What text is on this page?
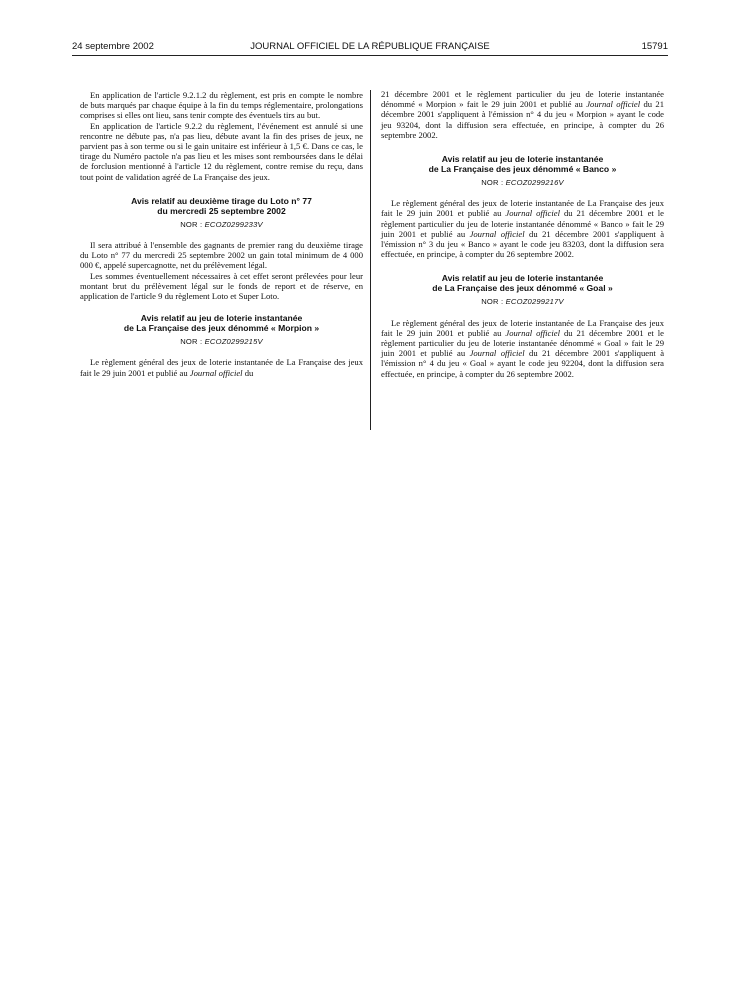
24 septembre 2002	JOURNAL OFFICIEL DE LA RÉPUBLIQUE FRANÇAISE	15791

En application de l'article 9.2.1.2 du règlement, est pris en compte le nombre de buts marqués par chaque équipe à la fin du temps réglementaire, prolongations comprises si elles ont lieu, sans tenir compte des éventuels tirs au but.

En application de l'article 9.2.2 du règlement, l'événement est annulé si une rencontre ne débute pas, n'a pas lieu, débute avant la fin des prises de jeux, ne parvient pas à son terme ou si le gain unitaire est inférieur à 1,5 €. Dans ce cas, le tirage du Numéro pactole n'a pas lieu et les mises sont remboursées dans le délai de forclusion mentionné à l'article 12 du règlement, contre remise du reçu, dans tout point de validation agréé de La Française des jeux.

Avis relatif au deuxième tirage du Loto n° 77
du mercredi 25 septembre 2002
NOR : ECOZ0299233V

Il sera attribué à l'ensemble des gagnants de premier rang du deuxième tirage du Loto n° 77 du mercredi 25 septembre 2002 un gain total minimum de 4 000 000 €, appelé supercagnotte, net du prélèvement légal.

Les sommes éventuellement nécessaires à cet effet seront prélevées pour leur montant brut du prélèvement légal sur le fonds de report et de réserve, en application de l'article 9 du règlement Loto et Super Loto.

Avis relatif au jeu de loterie instantanée
de La Française des jeux dénommé « Morpion »
NOR : ECOZ0299215V

Le règlement général des jeux de loterie instantanée de La Française des jeux fait le 29 juin 2001 et publié au Journal officiel du

21 décembre 2001 et le règlement particulier du jeu de loterie instantanée dénommé « Morpion » fait le 29 juin 2001 et publié au Journal officiel du 21 décembre 2001 s'appliquent à l'émission n° 4 du jeu « Morpion » ayant le code jeu 93204, dont la diffusion sera effectuée, en principe, à compter du 26 septembre 2002.

Avis relatif au jeu de loterie instantanée
de La Française des jeux dénommé « Banco »
NOR : ECOZ0299216V

Le règlement général des jeux de loterie instantanée de La Française des jeux fait le 29 juin 2001 et publié au Journal officiel du 21 décembre 2001 et le règlement particulier du jeu de loterie instantanée dénommé « Banco » fait le 29 juin 2001 et publié au Journal officiel du 21 décembre 2001 s'appliquent à l'émission n° 3 du jeu « Banco » ayant le code jeu 83203, dont la diffusion sera effectuée, en principe, à compter du 26 septembre 2002.

Avis relatif au jeu de loterie instantanée
de La Française des jeux dénommé « Goal »
NOR : ECOZ0299217V

Le règlement général des jeux de loterie instantanée de La Française des jeux fait le 29 juin 2001 et publié au Journal officiel du 21 décembre 2001 et le règlement particulier du jeu de loterie instantanée dénommé « Goal » fait le 29 juin 2001 et publié au Journal officiel du 21 décembre 2001 s'appliquent à l'émission n° 4 du jeu « Goal » ayant le code jeu 92204, dont la diffusion sera effectuée, en principe, à compter du 26 septembre 2002.
